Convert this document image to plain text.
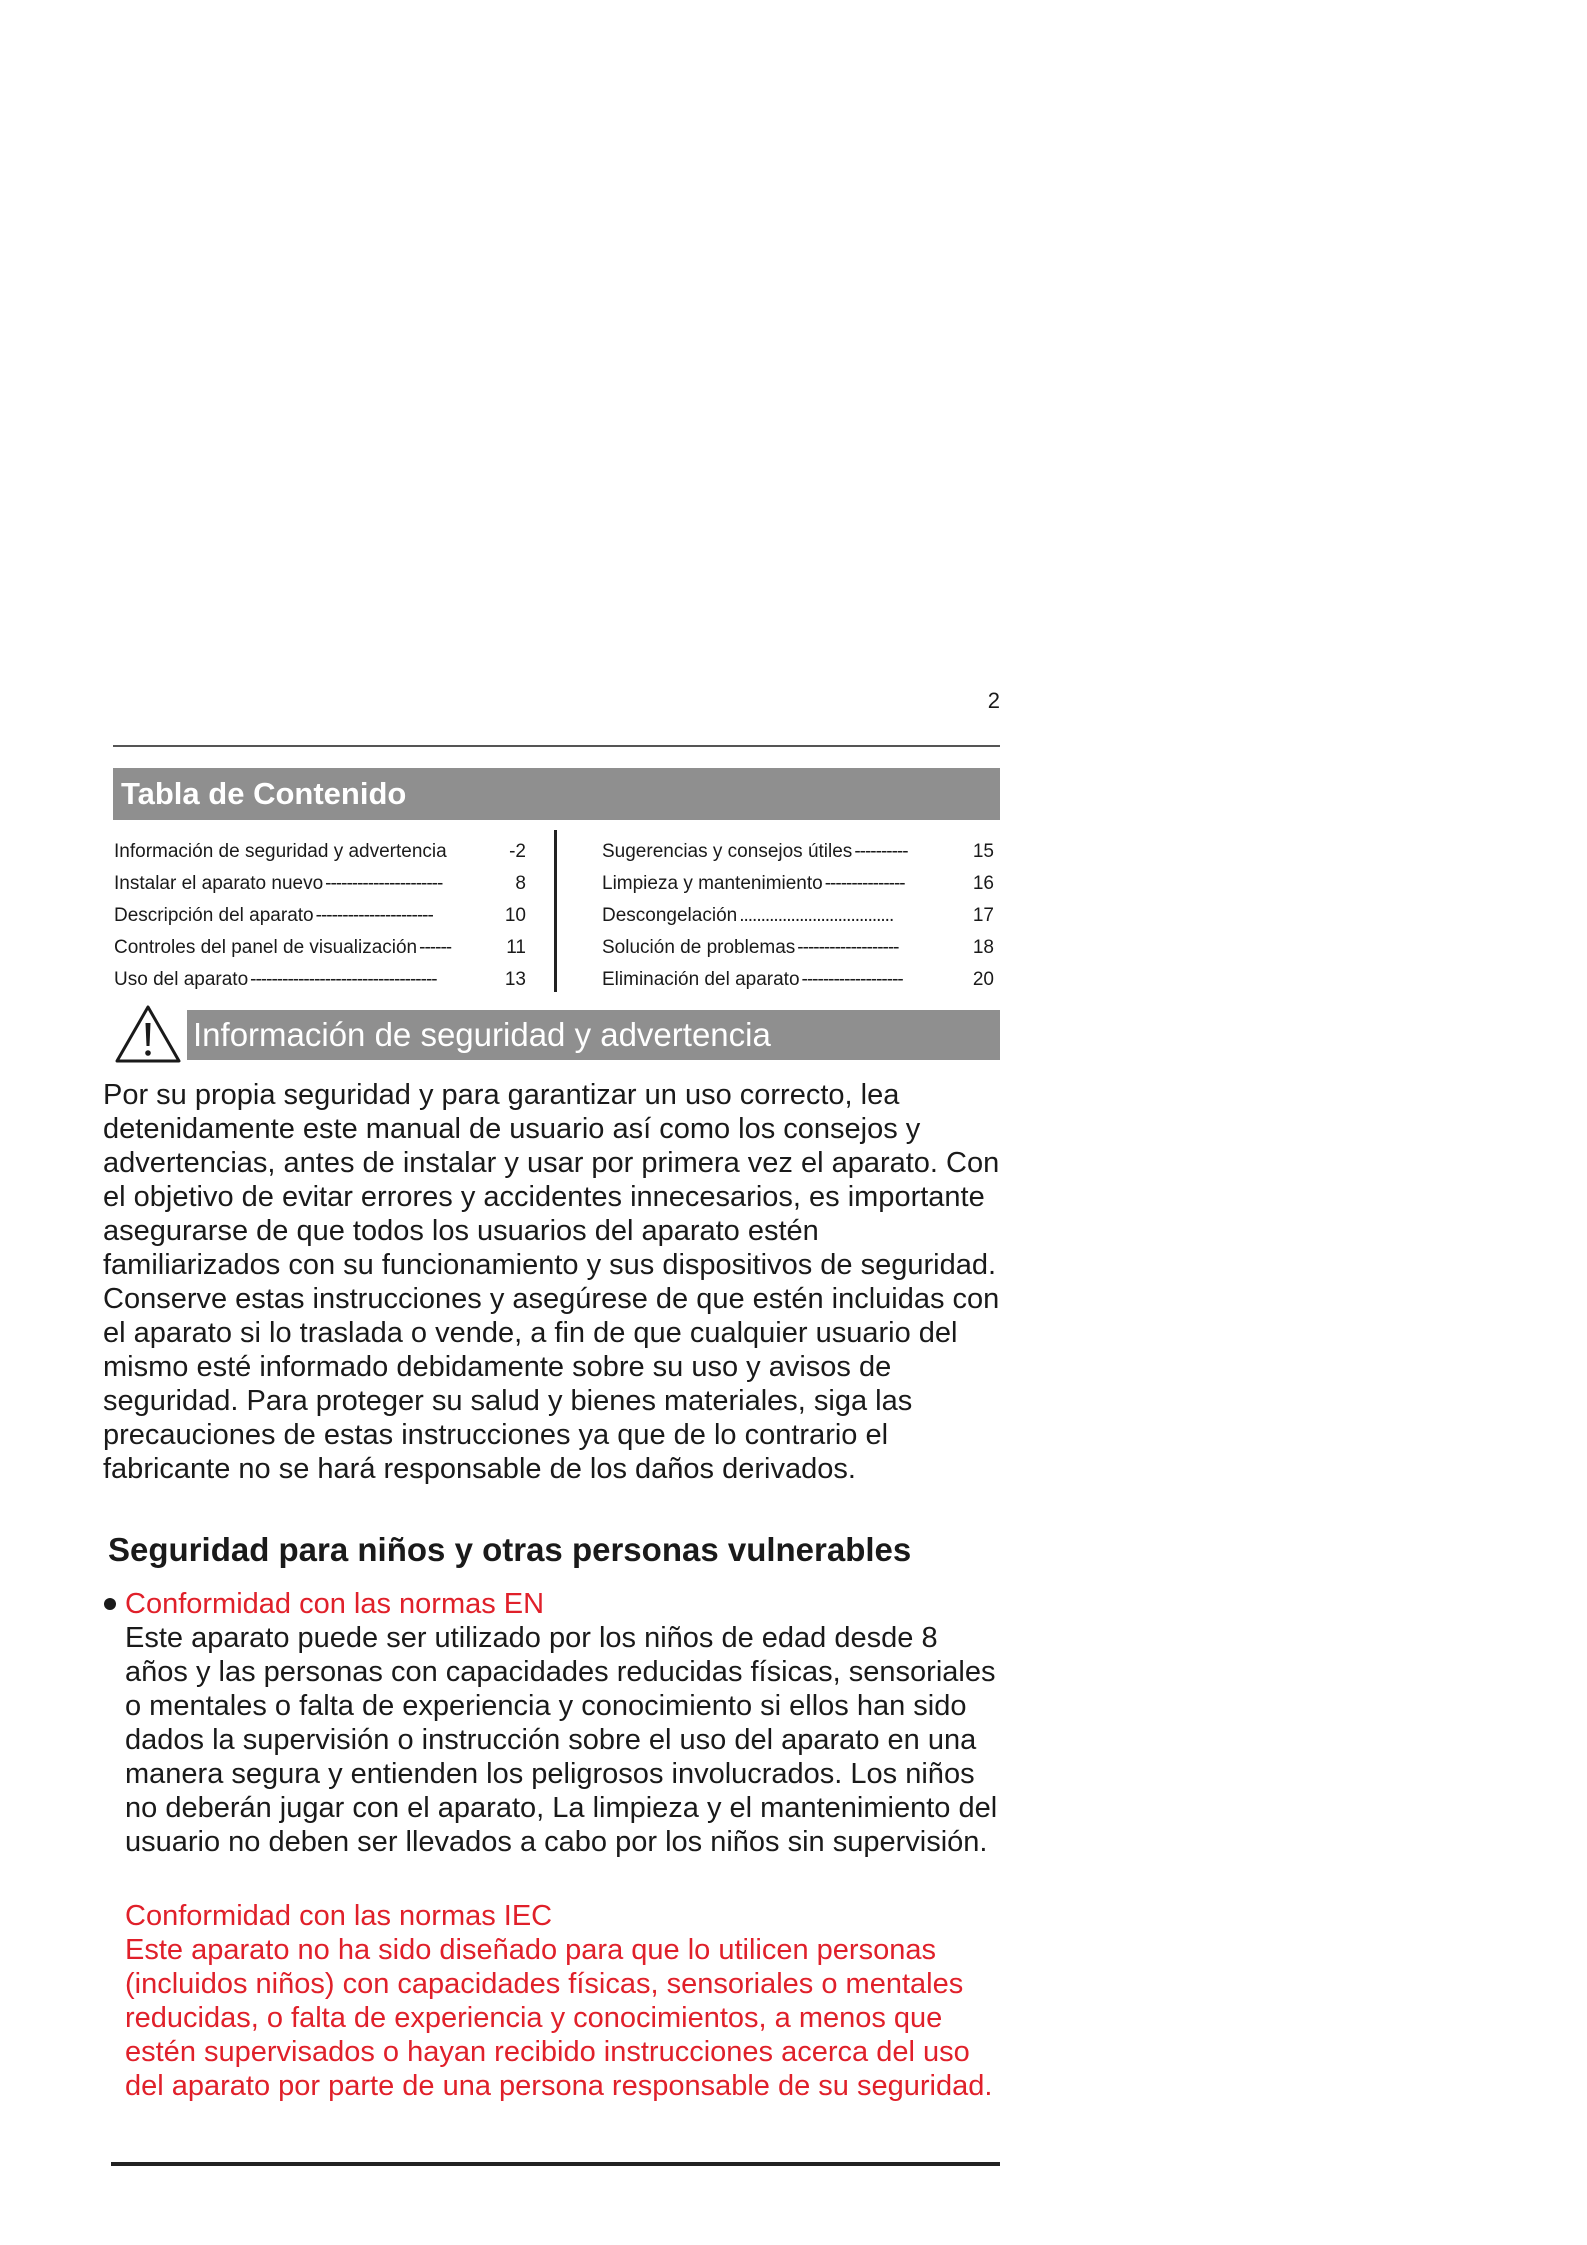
2
Tabla de Contenido
Información de seguridad y advertencia	-2
Instalar el aparato nuevo ----------------------	8
Descripción del aparato ----------------------	10
Controles del panel de visualización ------	11
Uso del aparato -----------------------------------	13
Sugerencias y consejos útiles ----------	15
Limpieza y mantenimiento ---------------	16
Descongelación ....................................	17
Solución de problemas -------------------	18
Eliminación del aparato -------------------	20
Información de seguridad y advertencia

Por su propia seguridad y para garantizar un uso correcto, lea detenidamente este manual de usuario así como los consejos y advertencias, antes de instalar y usar por primera vez el aparato. Con el objetivo de evitar errores y accidentes innecesarios, es importante asegurarse de que todos los usuarios del aparato estén familiarizados con su funcionamiento y sus dispositivos de seguridad. Conserve estas instrucciones y asegúrese de que estén incluidas con el aparato si lo traslada o vende, a fin de que cualquier usuario del mismo esté informado debidamente sobre su uso y avisos de seguridad. Para proteger su salud y bienes materiales, siga las precauciones de estas instrucciones ya que de lo contrario el fabricante no se hará responsable de los daños derivados.

Seguridad para niños y otras personas vulnerables
Conformidad con las normas EN
Este aparato puede ser utilizado por los niños de edad desde 8 años y las personas con capacidades reducidas físicas, sensoriales o mentales o falta de experiencia y conocimiento si ellos han sido dados la supervisión o instrucción sobre el uso del aparato en una manera segura y entienden los peligrosos involucrados. Los niños no deberán jugar con el aparato, La limpieza y el mantenimiento del usuario no deben ser llevados a cabo por los niños sin supervisión.
Conformidad con las normas IEC
Este aparato no ha sido diseñado para que lo utilicen personas (incluidos niños) con capacidades físicas, sensoriales o mentales reducidas, o falta de experiencia y conocimientos, a menos que estén supervisados o hayan recibido instrucciones acerca del uso del aparato por parte de una persona responsable de su seguridad.
